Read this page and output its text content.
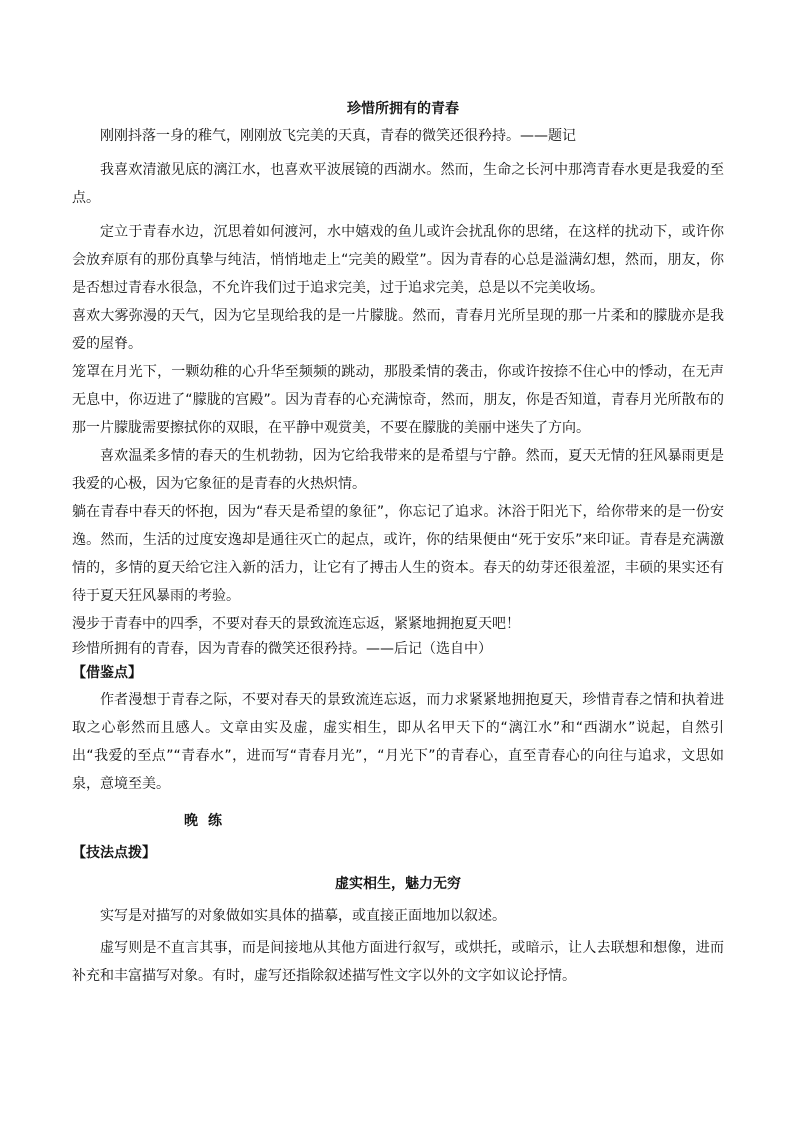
珍惜所拥有的青春

刚刚抖落一身的稚气，刚刚放飞完美的天真，青春的微笑还很矜持。——题记

我喜欢清澈见底的漓江水，也喜欢平波展镜的西湖水。然而，生命之长河中那湾青春水更是我爱的至点。

定立于青春水边，沉思着如何渡河，水中嬉戏的鱼儿或许会扰乱你的思绪，在这样的扰动下，或许你会放弃原有的那份真挚与纯洁，悄悄地走上“完美的殿堂”。因为青春的心总是溢满幻想，然而，朋友，你是否想过青春水很急，不允许我们过于追求完美，过于追求完美，总是以不完美收场。

喜欢大雾弥漫的天气，因为它呈现给我的是一片朦胧。然而，青春月光所呈现的那一片柔和的朦胧亦是我爱的屋脊。

笼罩在月光下，一颗幼稚的心升华至频频的跳动，那股柔情的袭击，你或许按捺不住心中的悸动，在无声无息中，你迈进了“朦胧的宫殿”。因为青春的心充满惊奇，然而，朋友，你是否知道，青春月光所散布的那一片朦胧需要擦拭你的双眼，在平静中观赏美，不要在朦胧的美丽中迷失了方向。

喜欢温柔多情的春天的生机勃勃，因为它给我带来的是希望与宁静。然而，夏天无情的狂风暴雨更是我爱的心极，因为它象征的是青春的火热炽情。

躺在青春中春天的怀抱，因为“春天是希望的象征”，你忘记了追求。沐浴于阳光下，给你带来的是一份安逸。然而，生活的过度安逸却是通往灭亡的起点，或许，你的结果便由“死于安乐”来印证。青春是充满激情的，多情的夏天给它注入新的活力，让它有了搏击人生的资本。春天的幼芽还很羞涩，丰硕的果实还有待于夏天狂风暴雨的考验。

漫步于青春中的四季，不要对春天的景致流连忘返，紧紧地拥抱夏天吧！

珍惜所拥有的青春，因为青春的微笑还很矜持。——后记（选自中）

【借鉴点】

作者漫想于青春之际，不要对春天的景致流连忘返，而力求紧紧地拥抱夏天，珍惜青春之情和执着进取之心彰然而且感人。文章由实及虚，虚实相生，即从名甲天下的“漓江水”和“西湖水”说起，自然引出“我爱的至点”“青春水”，进而写“青春月光”，“月光下”的青春心，直至青春心的向往与追求，文思如泉，意境至美。

晚练
【技法点拨】
虚实相生，魅力无穷

实写是对描写的对象做如实具体的描摹，或直接正面地加以叙述。

虚写则是不直言其事，而是间接地从其他方面进行叙写，或烘托，或暗示，让人去联想和想像，进而补充和丰富描写对象。有时，虚写还指除叙述描写性文字以外的文字如议论抒情。
